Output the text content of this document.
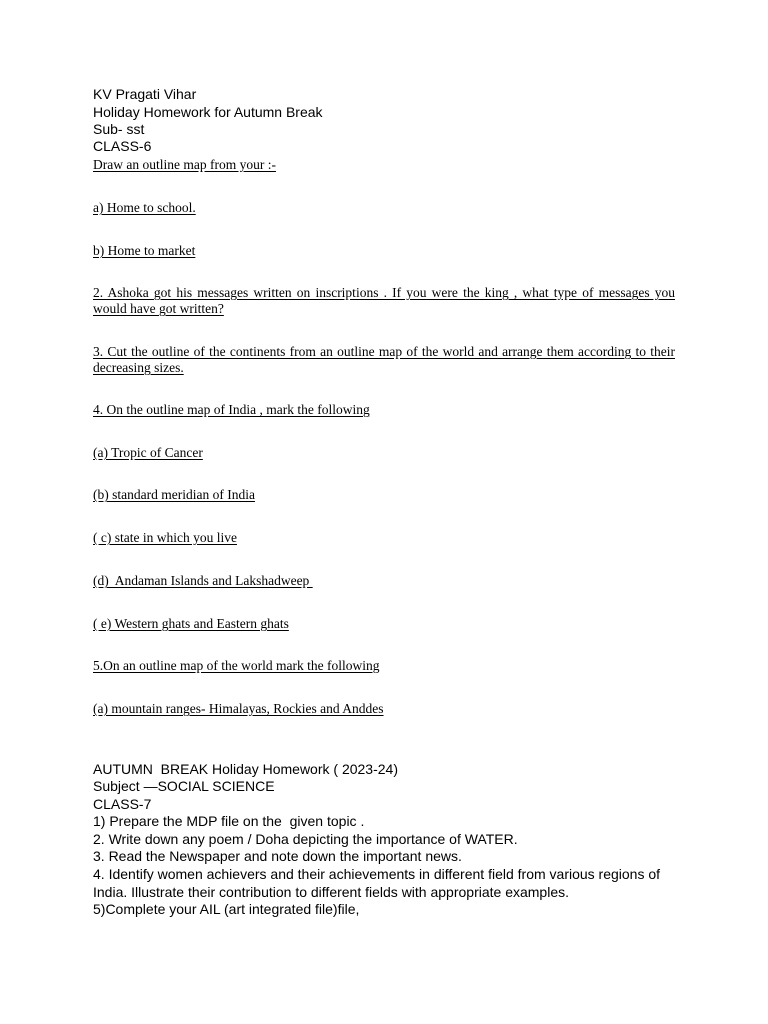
KV Pragati Vihar

Holiday Homework for Autumn Break

Sub- sst

CLASS-6

Draw an outline map from your :-

a) Home to school.

b) Home to market

2. Ashoka got his messages written on inscriptions . If you were the king , what type of messages you would have got written?

3. Cut the outline of the continents from an outline map of the world and arrange them according to their decreasing sizes.

4. On the outline map of India , mark the following

(a) Tropic of Cancer

(b) standard meridian of India

( c) state in which you live

(d)  Andaman Islands and Lakshadweep

( e) Western ghats and Eastern ghats

5.On an outline map of the world mark the following

(a) mountain ranges- Himalayas, Rockies and Anddes

AUTUMN  BREAK Holiday Homework ( 2023-24)

Subject —SOCIAL SCIENCE

CLASS-7

1) Prepare the MDP file on the  given topic .

2. Write down any poem / Doha depicting the importance of WATER.

3. Read the Newspaper and note down the important news.

4. Identify women achievers and their achievements in different field from various regions of India. Illustrate their contribution to different fields with appropriate examples.

5)Complete your AIL (art integrated file)file,
